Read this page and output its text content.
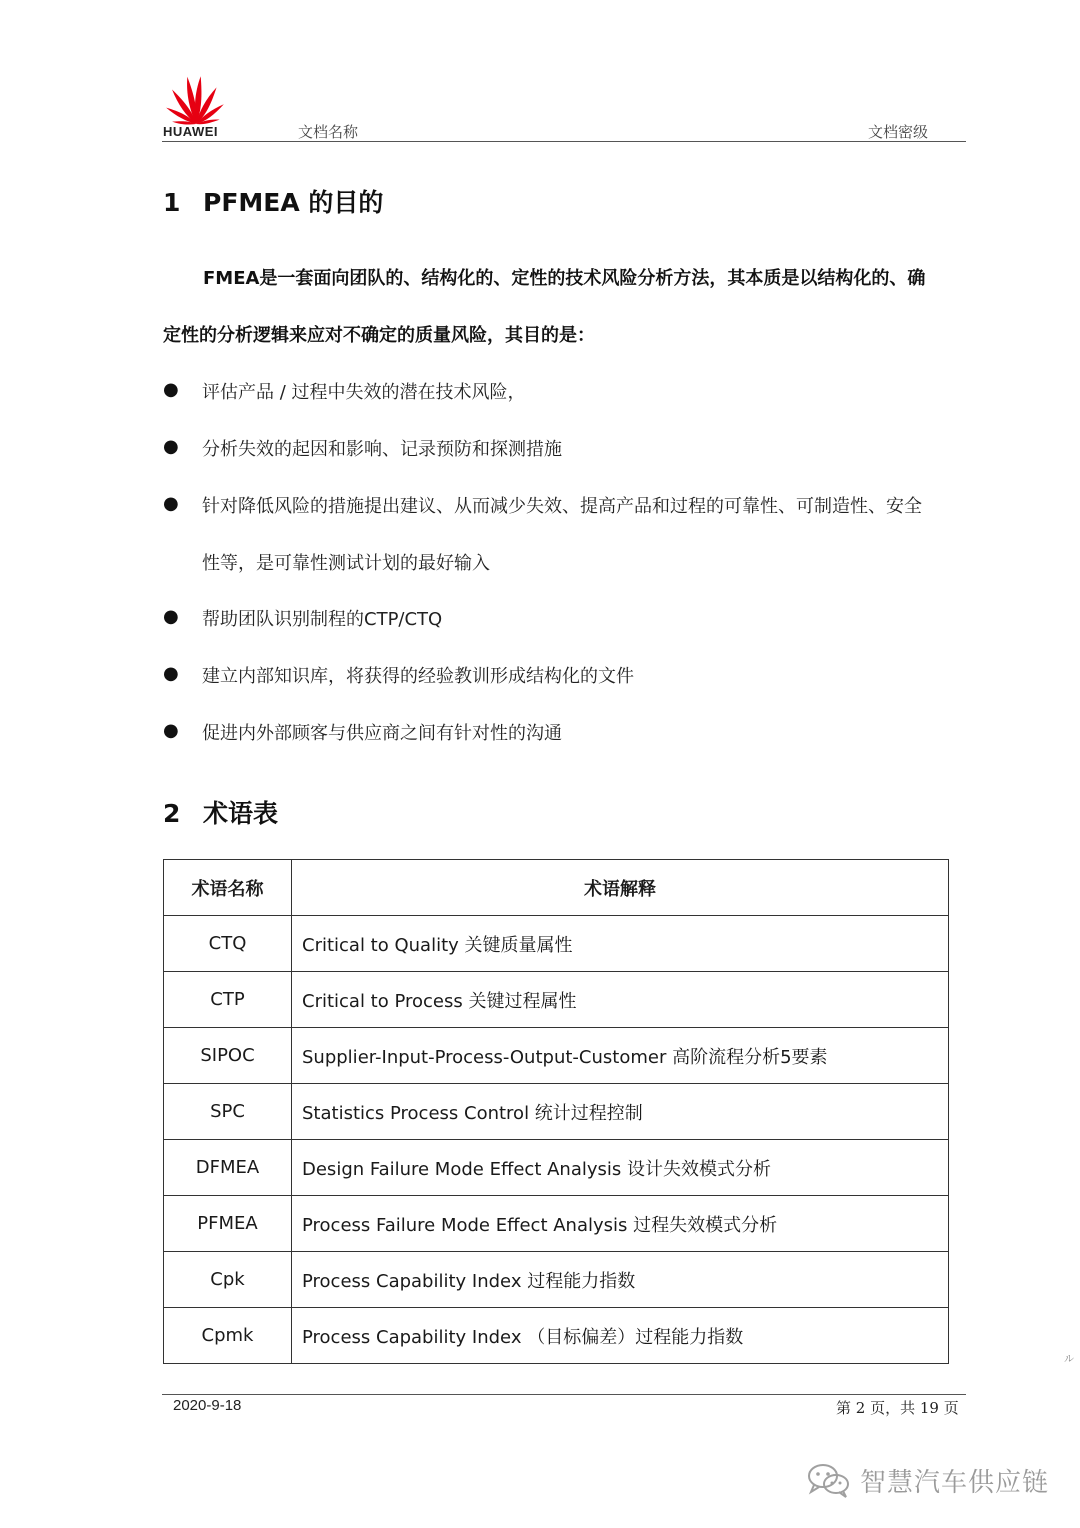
HUAWEI	文档名称	文档密级
1 PFMEA 的目的
FMEA是一套面向团队的、结构化的、定性的技术风险分析方法，其本质是以结构化的、确
定性的分析逻辑来应对不确定的质量风险，其目的是：
● 评估产品 / 过程中失效的潜在技术风险，
● 分析失效的起因和影响、记录预防和探测措施
● 针对降低风险的措施提出建议、从而减少失效、提高产品和过程的可靠性、可制造性、安全
性等，是可靠性测试计划的最好输入
● 帮助团队识别制程的CTP/CTQ
● 建立内部知识库，将获得的经验教训形成结构化的文件
● 促进内外部顾客与供应商之间有针对性的沟通
2 术语表
术语名称	术语解释
CTQ	Critical to Quality 关键质量属性
CTP	Critical to Process 关键过程属性
SIPOC	Supplier-Input-Process-Output-Customer 高阶流程分析5要素
SPC	Statistics Process Control 统计过程控制
DFMEA	Design Failure Mode Effect Analysis 设计失效模式分析
PFMEA	Process Failure Mode Effect Analysis 过程失效模式分析
Cpk	Process Capability Index 过程能力指数
Cpmk	Process Capability Index （目标偏差）过程能力指数
ル
2020-9-18	第 2 页，共 19 页
智慧汽车供应链
